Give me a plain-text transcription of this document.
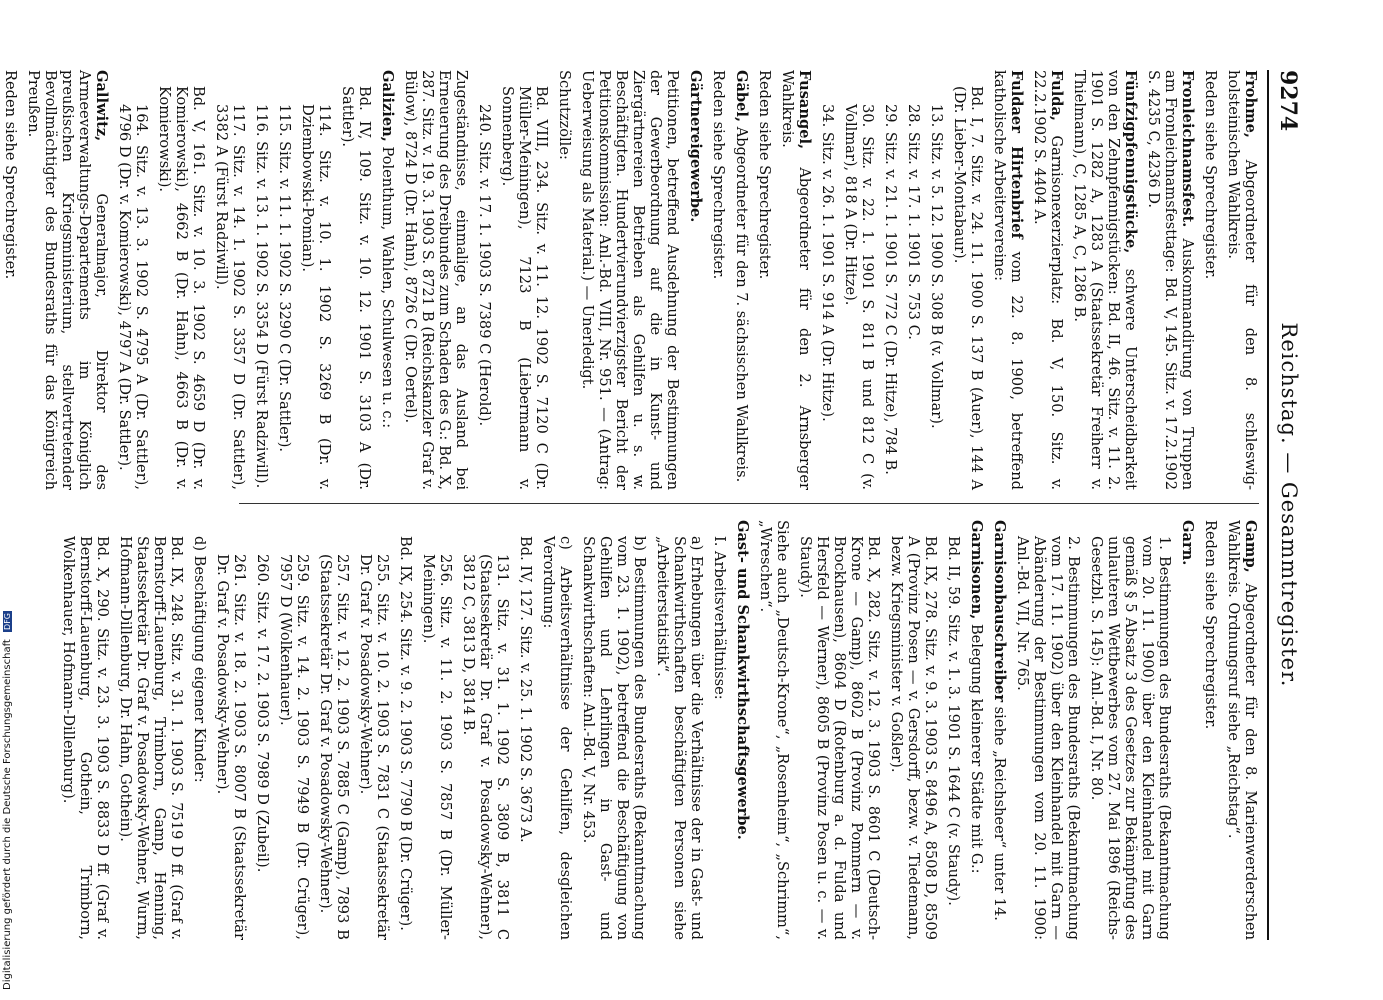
9274
Reichstag. — Gesammtregister.
Frohme, Abgeordneter für den 8. schleswig-holsteinischen Wahlkreis.
Reden siehe Sprechregister.
Fronleichnamsfest. Auskommandirung von Truppen am Fronleichnamsfesttage: Bd. V, 145. Sitz. v. 17.2.1902 S. 4235 C, 4236 D.
Fünfzigpfennigstücke, schwere Unterscheidbarkeit von den Zehnpfennigstücken: Bd. II, 46. Sitz. v. 11. 2. 1901 S. 1282 A, 1283 A (Staatssekretär Freiherr v. Thielmann), C, 1285 A, C, 1286 B.
Fulda, Garnisonexerzierplatz: Bd. V, 150. Sitz. v. 22.2.1902 S. 4404 A.
Fuldaer Hirtenbrief vom 22. 8. 1900, betreffend katholische Arbeitervereine:
Bd. I, 7. Sitz. v. 24. 11. 1900 S. 137 B (Auer), 144 A (Dr. Lieber-Montabaur).
13. Sitz. v. 5. 12. 1900 S. 308 B (v. Vollmar).
28. Sitz. v. 17. 1. 1901 S. 753 C.
29. Sitz. v. 21. 1. 1901 S. 772 C (Dr. Hitze), 784 B.
30. Sitz. v. 22. 1. 1901 S. 811 B und 812 C (v. Vollmar), 818 A (Dr. Hitze).
34. Sitz. v. 26. 1. 1901 S. 914 A (Dr. Hitze).
Fusangel, Abgeordneter für den 2. Arnsberger Wahlkreis.
Reden siehe Sprechregister.
Gäbel, Abgeordneter für den 7. sächsischen Wahlkreis.
Reden siehe Sprechregister.
Gärtnereigewerbe.
Petitionen, betreffend Ausdehnung der Bestimmungen der Gewerbeordnung auf die in Kunst- und Ziergärtnereien Betrieben als Gehilfen u. s. w. Beschäftigten. Hundertvierundvierzigster Bericht der Petitionskommission: Anl.-Bd. VIII, Nr. 951. — (Antrag: Ueberweisung als Material.) — Unerledigt.
Schutzzölle:
Bd. VIII, 234. Sitz. v. 11. 12. 1902 S. 7120 C (Dr. Müller-Meiningen), 7123 B (Liebermann v. Sonnenberg).
240. Sitz. v. 17. 1. 1903 S. 7389 C (Herold).
Zugeständnisse, einmalige, an das Ausland bei Erneuerung des Dreibundes zum Schaden des G.: Bd. X, 287. Sitz. v. 19. 3. 1903 S. 8721 B (Reichskanzler Graf v. Bülow), 8724 D (Dr. Hahn), 8726 C (Dr. Oertel).
Galizien, Polenthum, Wahlen, Schulwesen u. c.:
Bd. IV, 109. Sitz. v. 10. 12. 1901 S. 3103 A (Dr. Sattler).
114. Sitz. v. 10. 1. 1902 S. 3269 B (Dr. v. Dziembowski-Pomian).
115. Sitz. v. 11. 1. 1902 S. 3290 C (Dr. Sattler).
116. Sitz. v. 13. 1. 1902 S. 3354 D (Fürst Radziwill).
117. Sitz. v. 14. 1. 1902 S. 3357 D (Dr. Sattler), 3382 A (Fürst Radziwill).
Bd. V, 161. Sitz. v. 10. 3. 1902 S. 4659 D (Dr. v. Komierowski), 4662 B (Dr. Hahn), 4663 B (Dr. v. Komierowski).
164. Sitz. v. 13. 3. 1902 S. 4795 A (Dr. Sattler), 4796 D (Dr. v. Komierowski), 4797 A (Dr. Sattler).
Gallwitz, Generalmajor, Direktor des Armeeverwaltungs-Departements im Königlich preußischen Kriegsministerium, stellvertretender Bevollmächtigter des Bundesraths für das Königreich Preußen.
Reden siehe Sprechregister.
Gamp, Abgeordneter für den 8. Marienwerderschen Wahlkreis. Ordnungsruf siehe „Reichstag“.
Reden siehe Sprechregister.
Garn.
1. Bestimmungen des Bundesraths (Bekanntmachung vom 20. 11. 1900) über den Kleinhandel mit Garn gemäß § 5 Absatz 3 des Gesetzes zur Bekämpfung des unlauteren Wettbewerbes vom 27. Mai 1896 (Reichs-Gesetzbl. S. 145): Anl.-Bd. I, Nr. 80.
2. Bestimmungen des Bundesraths (Bekanntmachung vom 17. 11. 1902) über den Kleinhandel mit Garn — Abänderung der Bestimmungen vom 20. 11. 1900: Anl.-Bd. VII, Nr. 765.
Garnisonbauschreiber siehe „Reichsheer“ unter 14.
Garnisonen, Belegung kleinerer Städte mit G.:
Bd. II, 59. Sitz. v. 1. 3. 1901 S. 1644 C (v. Staudy).
Bd. IX, 278. Sitz. v. 9. 3. 1903 S. 8496 A, 8508 D, 8509 A (Provinz Posen — v. Gersdorff, bezw. v. Tiedemann, bezw. Kriegsminister v. Goßler).
Bd. X, 282. Sitz. v. 12. 3. 1903 S. 8601 C (Deutsch-Krone — Gamp), 8602 B (Provinz Pommern — v. Brockhausen), 8604 D (Rotenburg a. d. Fulda und Hersfeld — Werner), 8605 B (Provinz Posen u. c. — v. Staudy).
Siehe auch „Deutsch-Krone“, „Rosenheim“, „Schrimm“, „Wreschen“.
Gast- und Schankwirthschaftsgewerbe.
I. Arbeitsverhältnisse:
a) Erhebungen über die Verhältnisse der in Gast- und Schankwirthschaften beschäftigten Personen siehe „Arbeiterstatistik“.
b) Bestimmungen des Bundesraths (Bekanntmachung vom 23. 1. 1902), betreffend die Beschäftigung von Gehilfen und Lehrlingen in Gast- und Schankwirthschaften: Anl.-Bd. V, Nr. 453.
c) Arbeitsverhältnisse der Gehilfen, desgleichen Verordnung:
Bd. IV, 127. Sitz. v. 25. 1. 1902 S. 3673 A.
131. Sitz. v. 31. 1. 1902 S. 3809 B, 3811 C (Staatssekretär Dr. Graf v. Posadowsky-Wehner), 3812 C, 3813 D, 3814 B.
256. Sitz. v. 11. 2. 1903 S. 7857 B (Dr. Müller-Meiningen).
Bd. IX, 254. Sitz. v. 9. 2. 1903 S. 7790 B (Dr. Crüger).
255. Sitz. v. 10. 2. 1903 S. 7831 C (Staatssekretär Dr. Graf v. Posadowsky-Wehner).
257. Sitz. v. 12. 2. 1903 S. 7885 C (Gamp), 7893 B (Staatssekretär Dr. Graf v. Posadowsky-Wehner).
259. Sitz. v. 14. 2. 1903 S. 7949 B (Dr. Crüger), 7957 D (Wolkenhauer).
260. Sitz. v. 17. 2. 1903 S. 7989 D (Zubeil).
261. Sitz. v. 18. 2. 1903 S. 8007 B (Staatssekretär Dr. Graf v. Posadowsky-Wehner).
d) Beschäftigung eigener Kinder:
Bd. IX, 248. Sitz. v. 31. 1. 1903 S. 7519 D ff. (Graf v. Bernstorff-Lauenburg, Trimborn, Gamp, Henning, Staatssekretär Dr. Graf v. Posadowsky-Wehner, Wurm, Hofmann-Dillenburg, Dr. Hahn, Gothein).
Bd. X, 290. Sitz. v. 23. 3. 1903 S. 8833 D ff. (Graf v. Bernstorff-Lauenburg, Gothein, Trimborn, Wolkenhauer, Hofmann-Dillenburg).
Digitalisierung gefördert durch die Deutsche Forschungsgemeinschaft DFG
